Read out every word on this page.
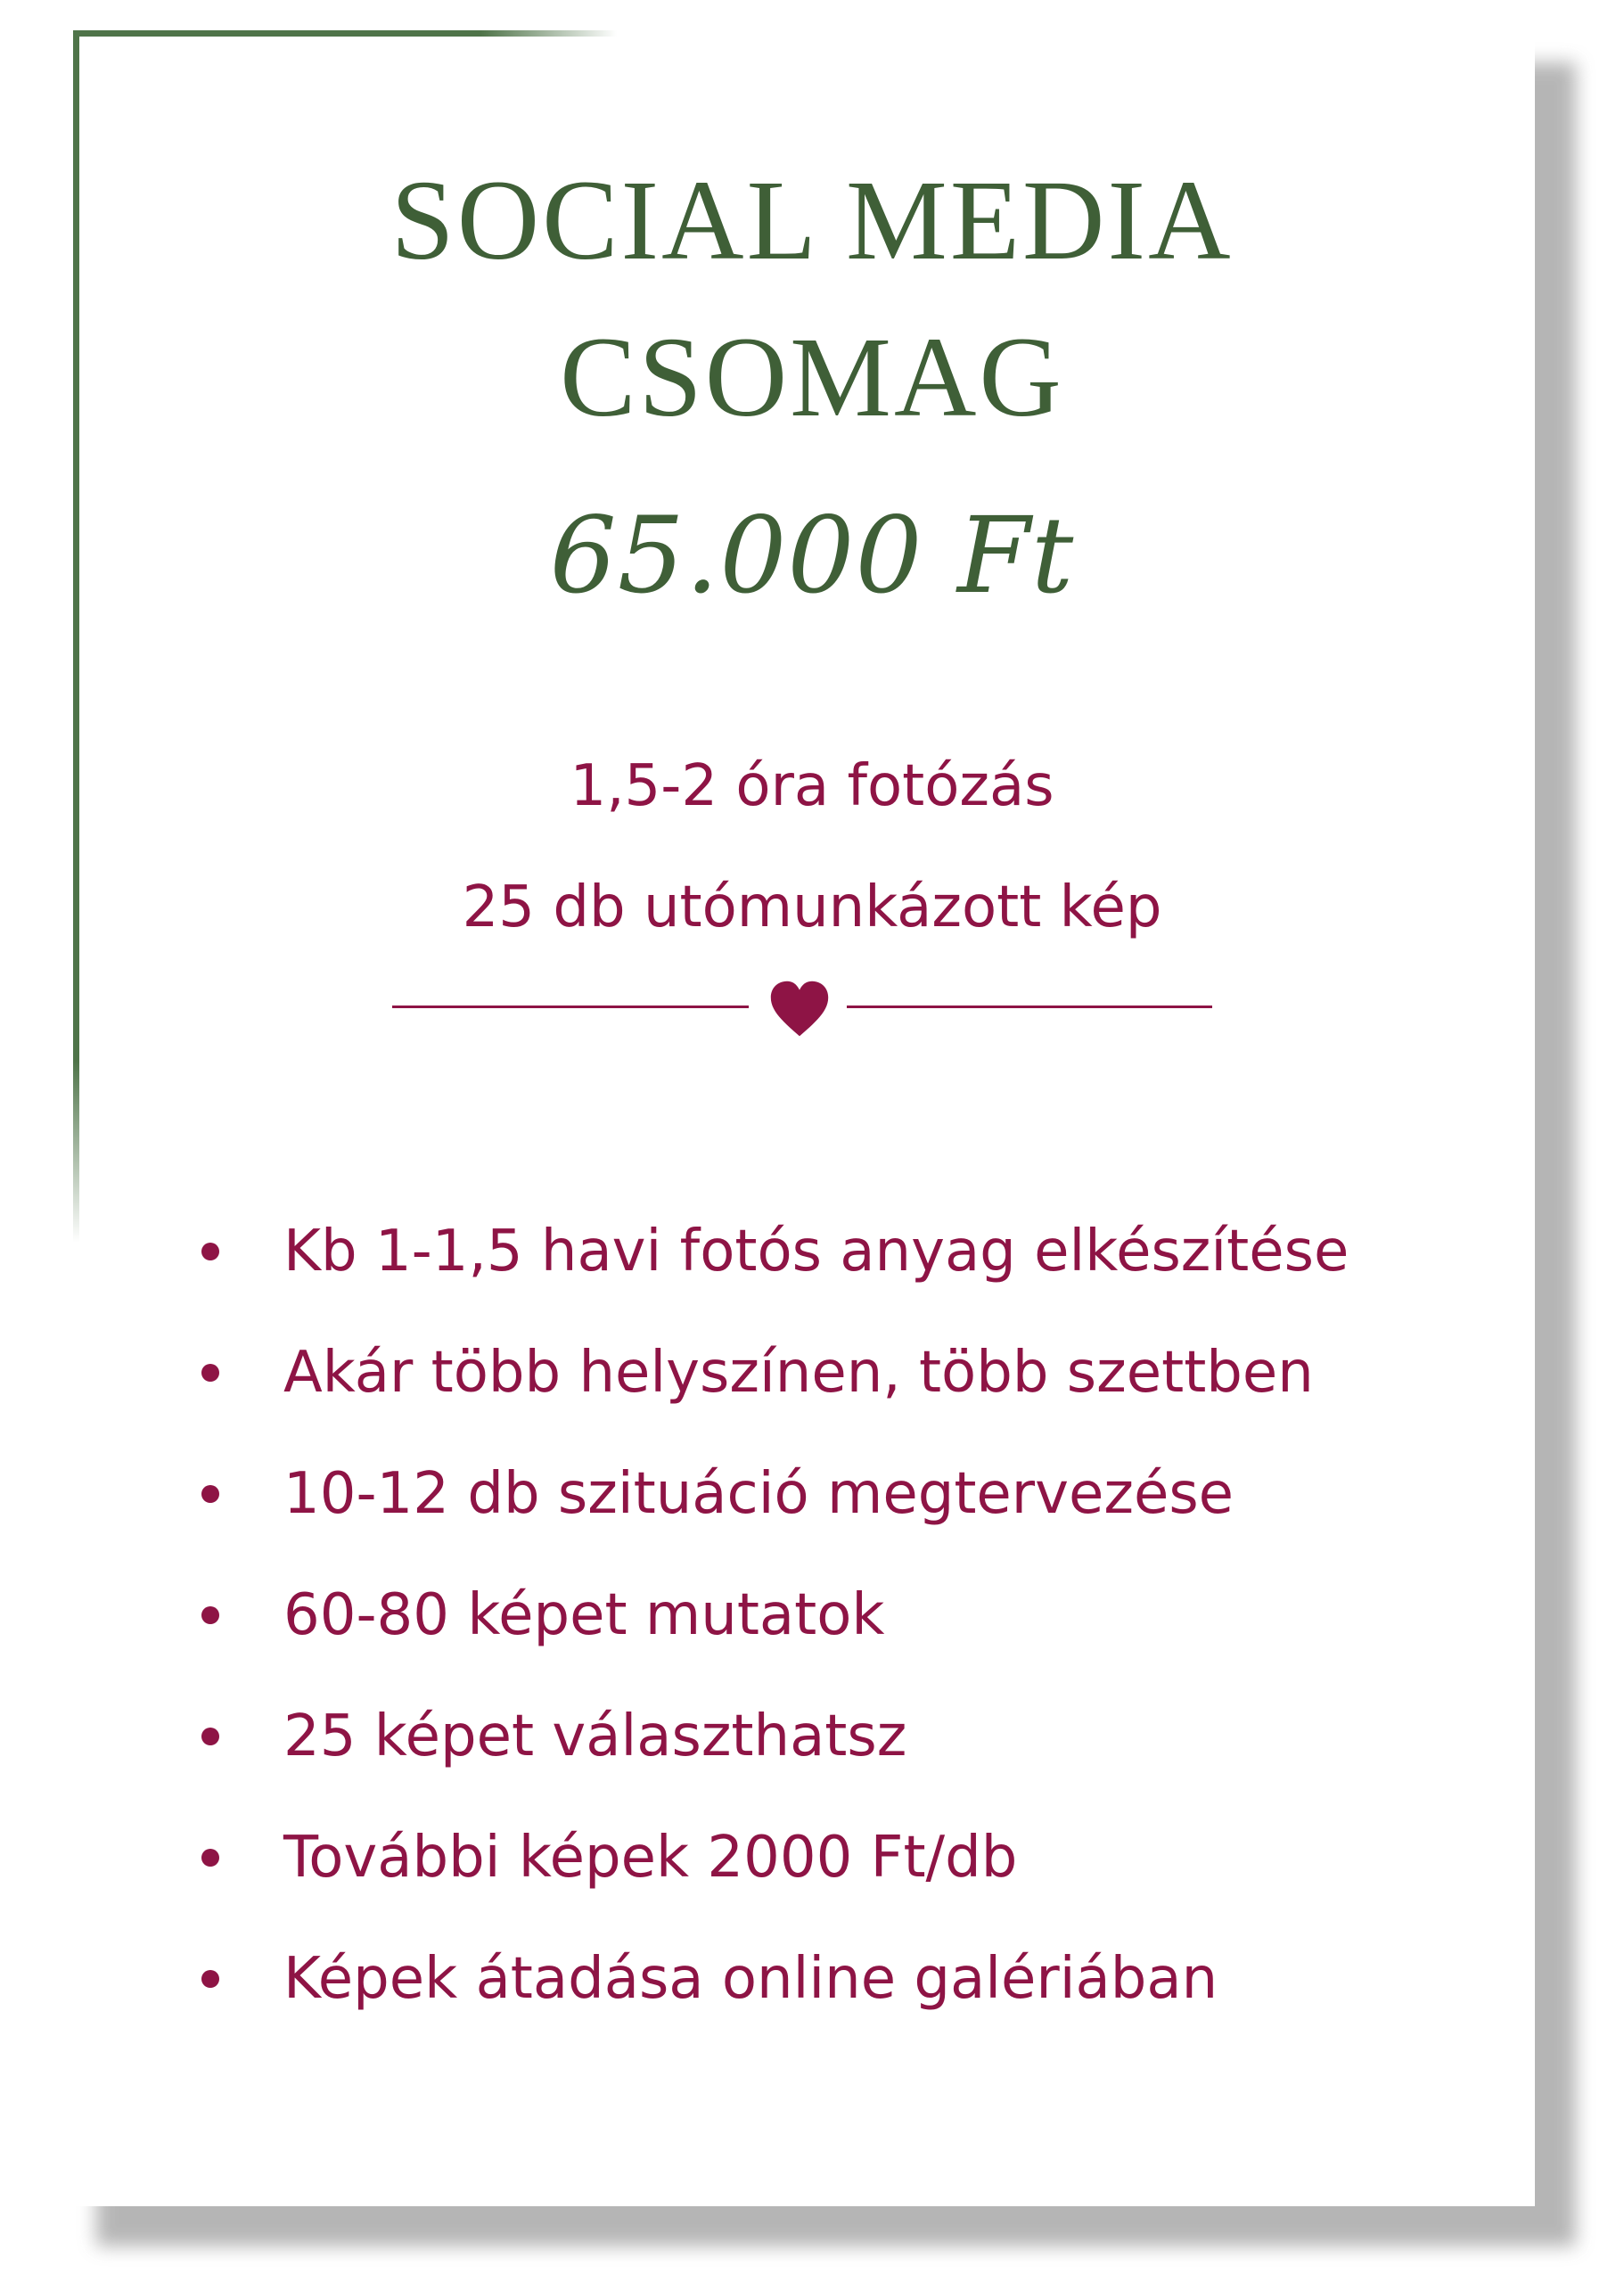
SOCIAL MEDIA
CSOMAG
65.000 Ft
1,5-2 óra fotózás
25 db utómunkázott kép
Kb 1-1,5 havi fotós anyag elkészítése
Akár több helyszínen, több szettben
10-12 db szituáció megtervezése
60-80 képet mutatok
25 képet választhatsz
További képek 2000 Ft/db
Képek átadása online galériában
